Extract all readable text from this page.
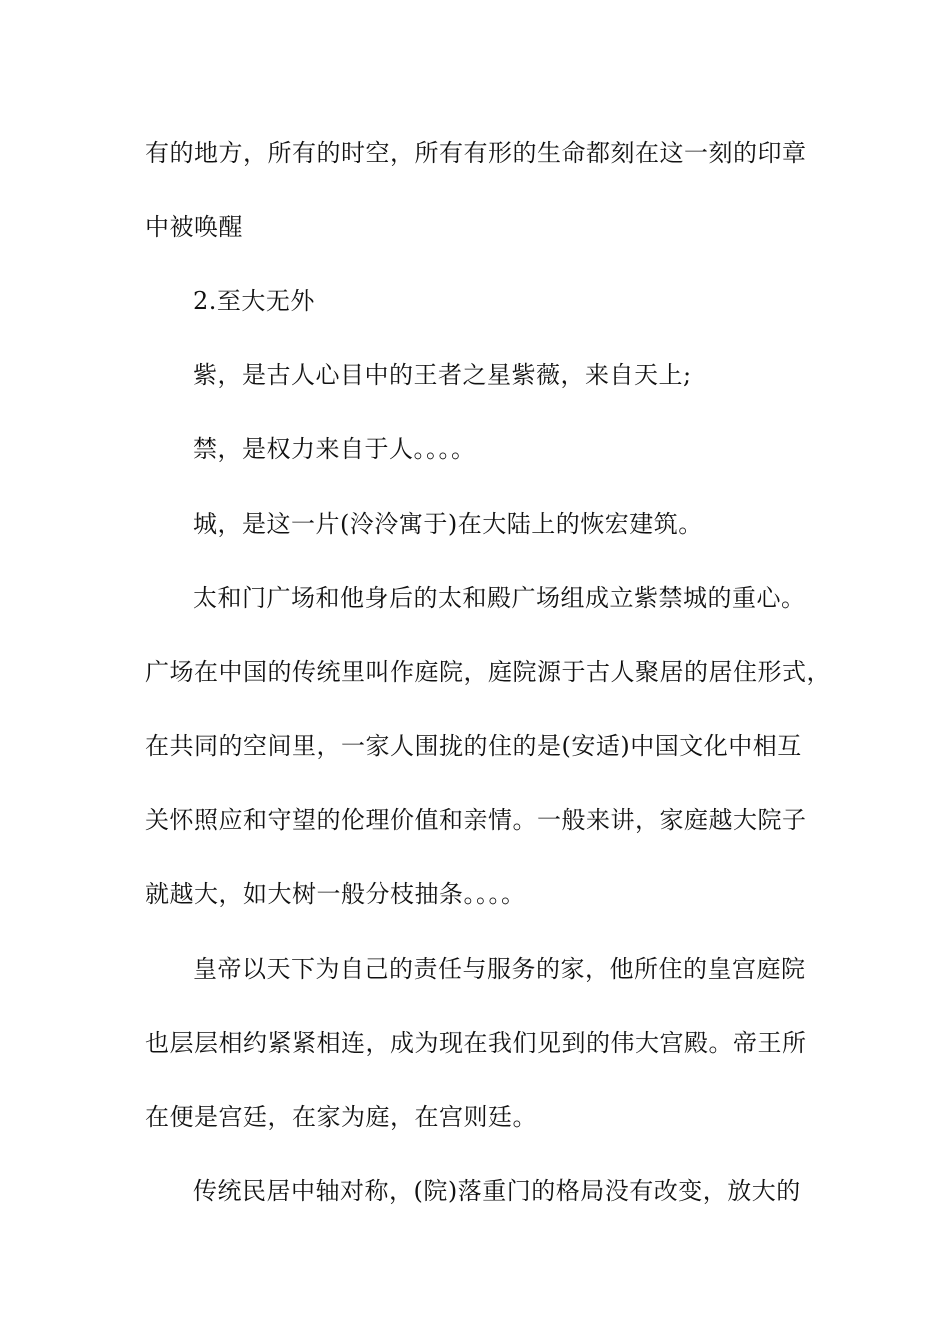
有的地方，所有的时空，所有有形的生命都刻在这一刻的印章
中被唤醒
2.至大无外
紫，是古人心目中的王者之星紫薇，来自天上;
禁，是权力来自于人。。。。
城，是这一片(泠泠寓于)在大陆上的恢宏建筑。
太和门广场和他身后的太和殿广场组成立紫禁城的重心。
广场在中国的传统里叫作庭院，庭院源于古人聚居的居住形式，
在共同的空间里，一家人围拢的住的是(安适)中国文化中相互
关怀照应和守望的伦理价值和亲情。一般来讲，家庭越大院子
就越大，如大树一般分枝抽条。。。。
皇帝以天下为自己的责任与服务的家，他所住的皇宫庭院
也层层相约紧紧相连，成为现在我们见到的伟大宫殿。帝王所
在便是宫廷，在家为庭，在宫则廷。
传统民居中轴对称，(院)落重门的格局没有改变，放大的
